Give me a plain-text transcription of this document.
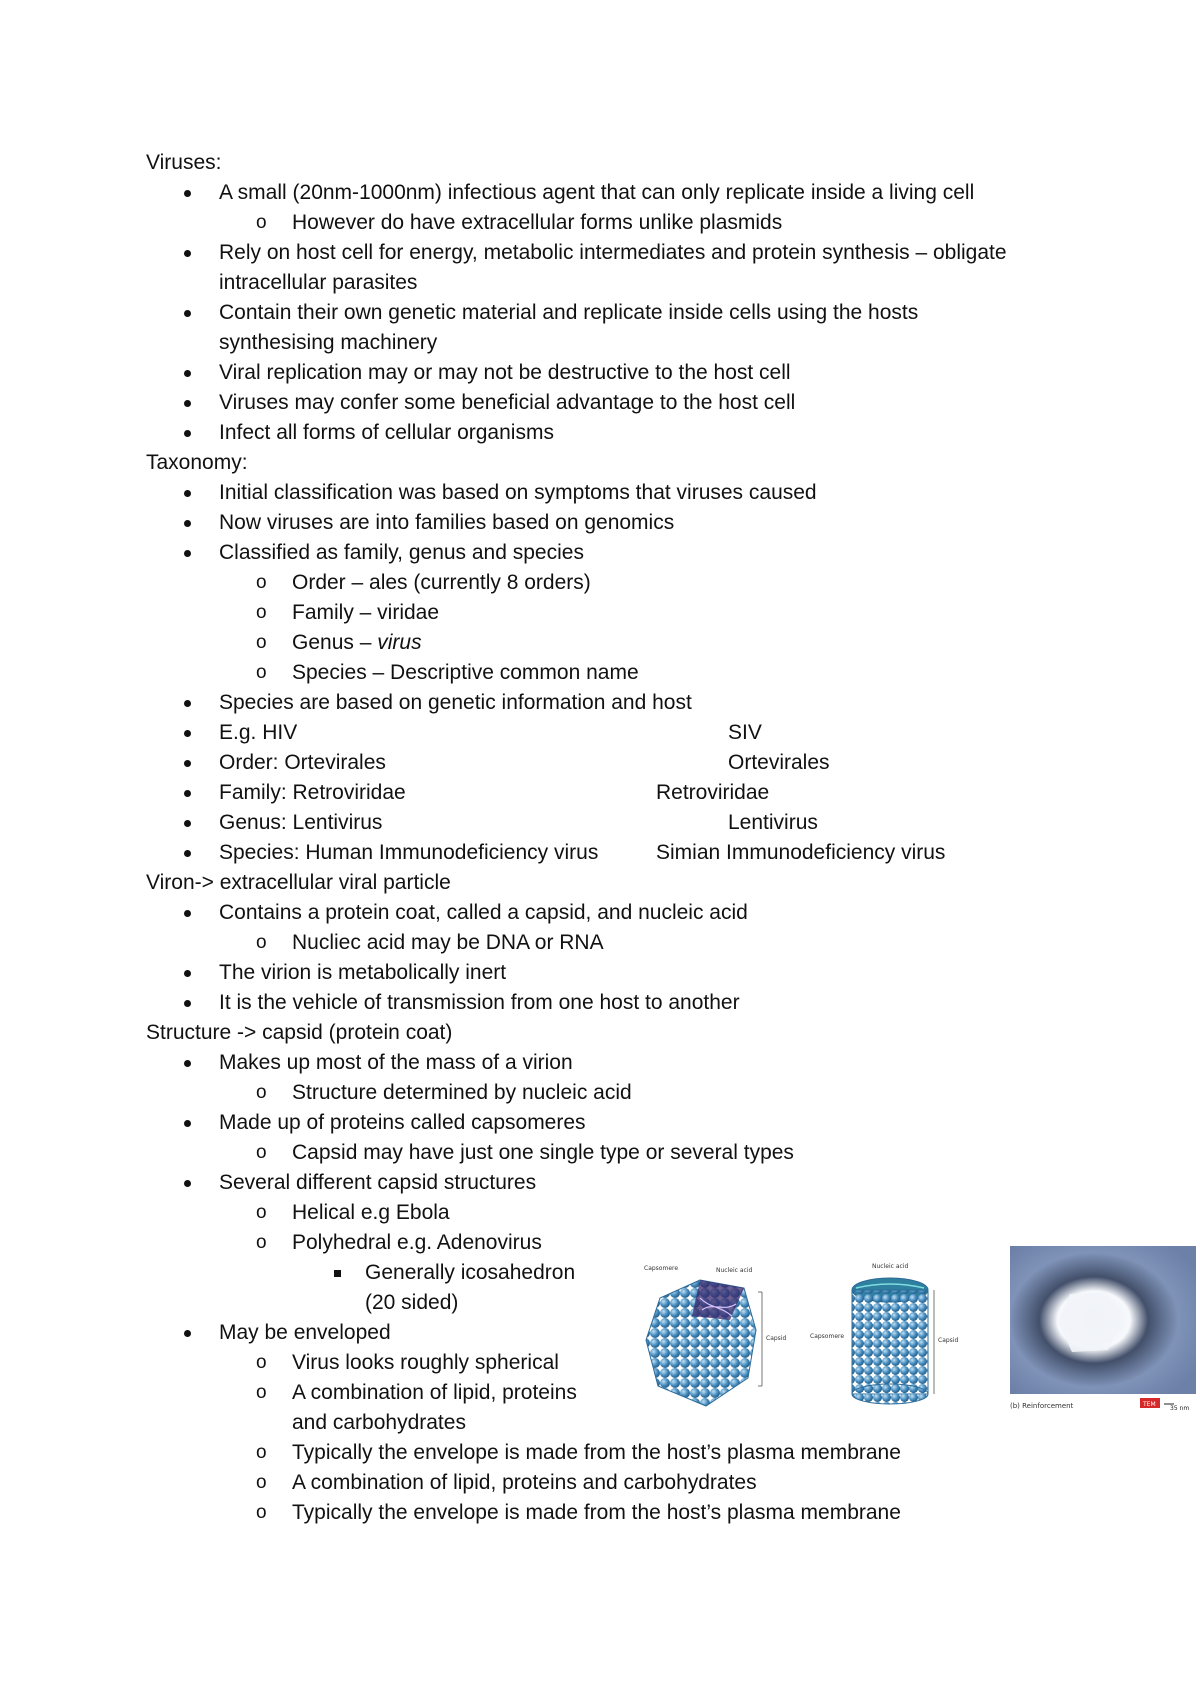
Viruses:
A small (20nm-1000nm) infectious agent that can only replicate inside a living cell
o However do have extracellular forms unlike plasmids
Rely on host cell for energy, metabolic intermediates and protein synthesis – obligate
intracellular parasites
Contain their own genetic material and replicate inside cells using the hosts
synthesising machinery
Viral replication may or may not be destructive to the host cell
Viruses may confer some beneficial advantage to the host cell
Infect all forms of cellular organisms
Taxonomy:
Initial classification was based on symptoms that viruses caused
Now viruses are into families based on genomics
Classified as family, genus and species
o Order – ales (currently 8 orders)
o Family – viridae
o Genus – virus
o Species – Descriptive common name
Species are based on genetic information and host
E.g. HIV	SIV
Order: Ortevirales	Ortevirales
Family: Retroviridae	Retroviridae
Genus: Lentivirus	Lentivirus
Species: Human Immunodeficiency virus	Simian Immunodeficiency virus
Viron-> extracellular viral particle
Contains a protein coat, called a capsid, and nucleic acid
o Nucliec acid may be DNA or RNA
The virion is metabolically inert
It is the vehicle of transmission from one host to another
Structure -> capsid (protein coat)
Makes up most of the mass of a virion
o Structure determined by nucleic acid
Made up of proteins called capsomeres
o Capsid may have just one single type or several types
Several different capsid structures
o Helical e.g Ebola
o Polyhedral e.g. Adenovirus
Generally icosahedron
(20 sided)
May be enveloped
o Virus looks roughly spherical
o A combination of lipid, proteins
and carbohydrates
o Typically the envelope is made from the host’s plasma membrane
o A combination of lipid, proteins and carbohydrates
o Typically the envelope is made from the host’s plasma membrane
Capsomere	Nucleic acid
Capsid
Nucleic acid
Capsomere
Capsid
(b) Reinforcement	TEM
35 nm
